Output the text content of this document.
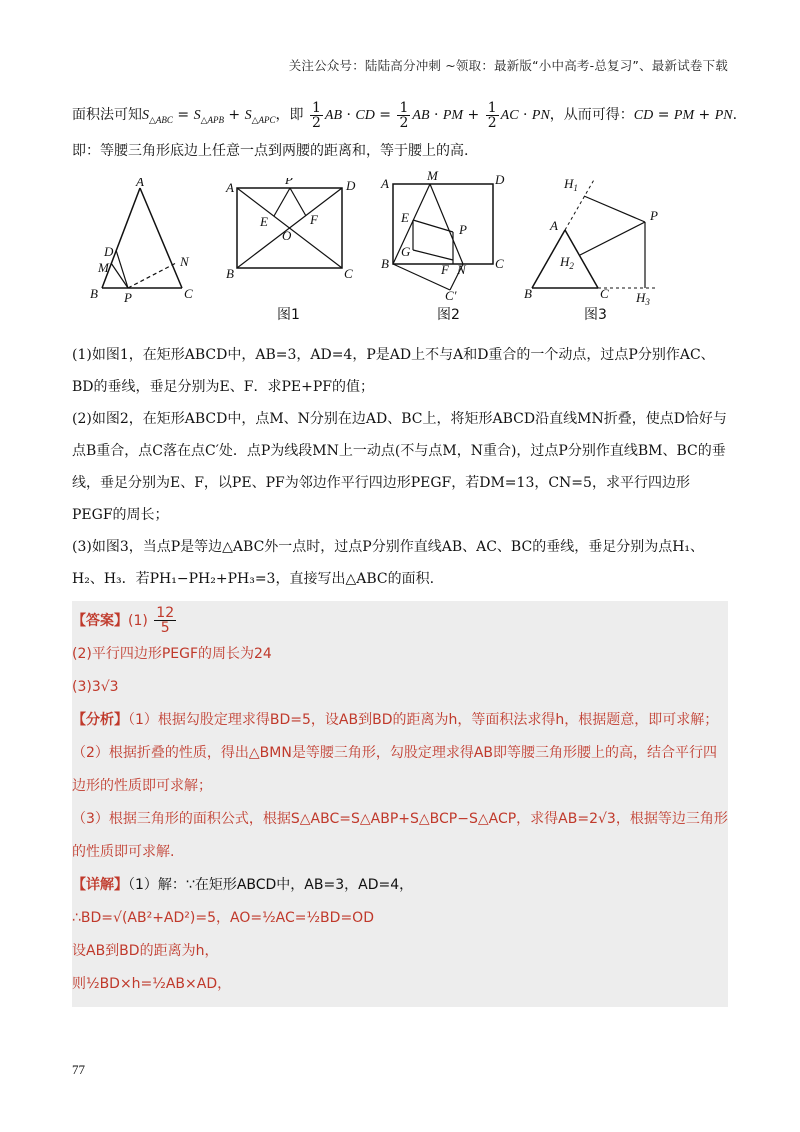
关注公众号：陆陆高分冲刺 ~领取：最新版“小中高考-总复习”、最新试卷下载
面积法可知$S_{\triangle ABC} = S_{\triangle APB} + S_{\triangle APC}$，即 $\frac{1}{2}$ AB · CD = $\frac{1}{2}$ AB · PM + $\frac{1}{2}$ AC · PN，从而可得：CD = PM + PN.
即：等腰三角形底边上任意一点到两腰的距离和，等于腰上的高.
A
B	C
D
M	N
P
A	D
B	C
P
E	F
O
图1
A
M	D
B	C
E
P
G
F N
C′
图2
$H_1$
P
A
$H_2$
B	C $H_3$
图3

(1)如图1，在矩形ABCD中，AB=3，AD=4，P是AD上不与A和D重合的一个动点，过点P分别作AC、BD的垂线，垂足分别为E、F．求PE+PF的值；

(2)如图2，在矩形ABCD中，点M、N分别在边AD、BC上，将矩形ABCD沿直线MN折叠，使点D恰好与点B重合，点C落在点C′处．点P为线段MN上一动点(不与点M，N重合)，过点P分别作直线BM、BC的垂线，垂足分别为E、F，以PE、PF为邻边作平行四边形PEGF，若DM=13，CN=5，求平行四边形PEGF的周长；

(3)如图3，当点P是等边△ABC外一点时，过点P分别作直线AB、AC、BC的垂线，垂足分别为点H₁、H₂、H₃．若PH₁−PH₂+PH₃=3，直接写出△ABC的面积.

【答案】$(1) \frac{12}{5}$

(2)平行四边形PEGF的周长为24

(3)3√3

【分析】（1）根据勾股定理求得BD=5，设AB到BD的距离为h，等面积法求得h，根据题意，即可求解；

（2）根据折叠的性质，得出△BMN是等腰三角形，勾股定理求得AB即等腰三角形腰上的高，结合平行四边形的性质即可求解；

（3）根据三角形的面积公式，根据S△ABC=S△ABP+S△BCP−S△ACP，求得AB=2√3，根据等边三角形的性质即可求解.

【详解】（1）解：∵在矩形ABCD中，AB=3，AD=4，

∴BD=√(AB²+AD²)=5，AO=½AC=½BD=OD

设AB到BD的距离为h，

则½BD×h=½AB×AD，

77
